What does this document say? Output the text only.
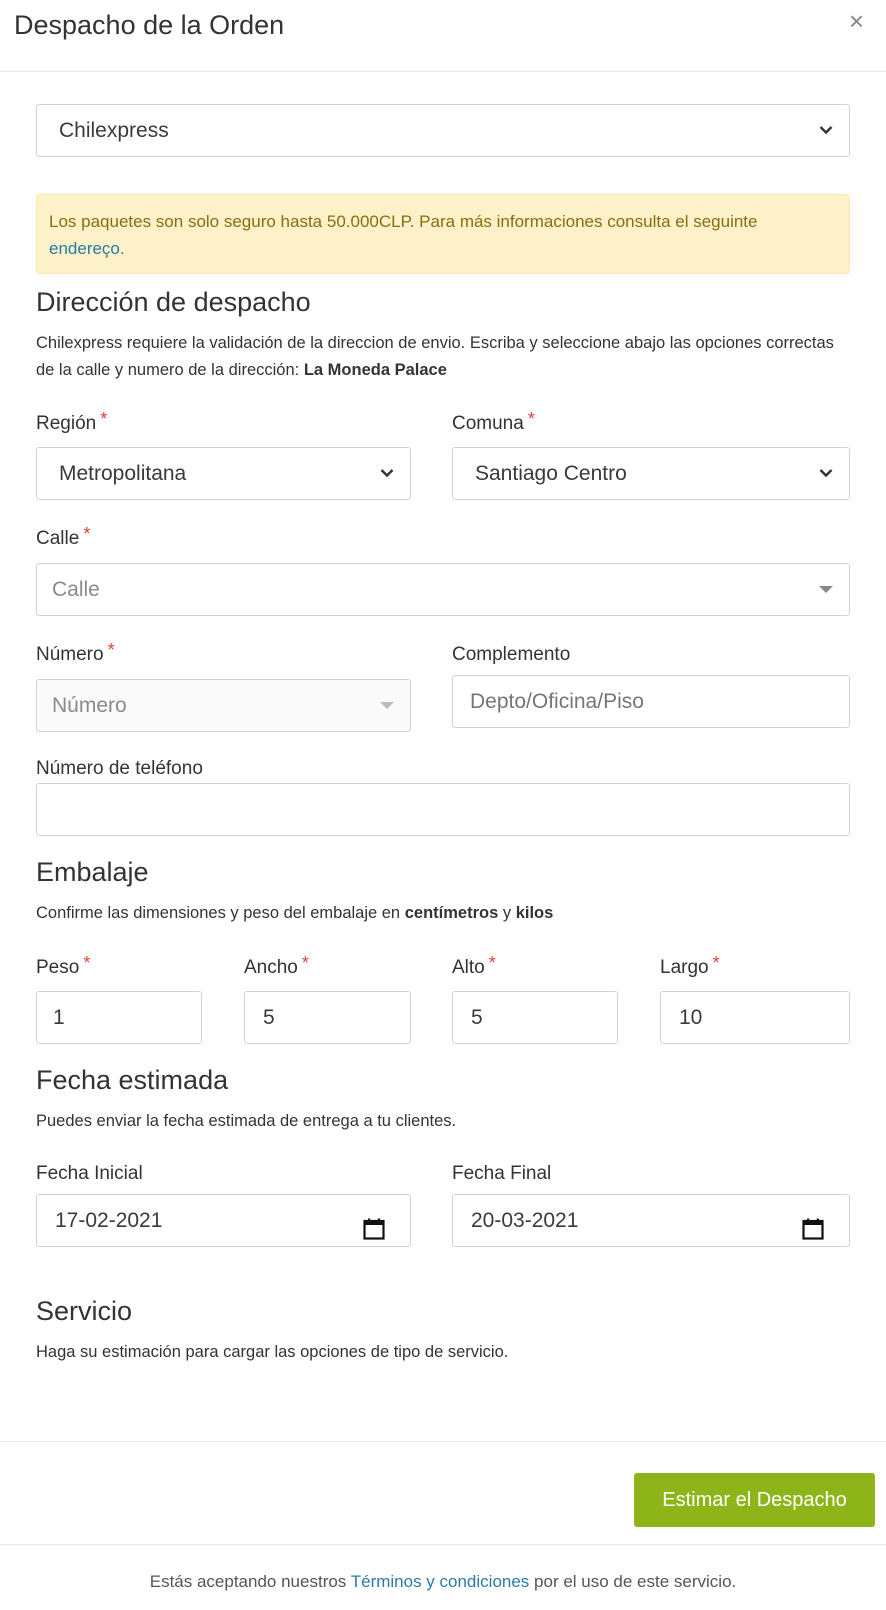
Despacho de la Orden	×
Chilexpress
Los paquetes son solo seguro hasta 50.000CLP. Para más informaciones consulta el seguinte
endereço.
Dirección de despacho
Chilexpress requiere la validación de la direccion de envio. Escriba y seleccione abajo las opciones correctas de la calle y numero de la dirección: La Moneda Palace
Región *
Metropolitana
Comuna *
Santiago Centro
Calle *
Calle
Número *
Número
Complemento
Depto/Oficina/Piso
Número de teléfono
Embalaje
Confirme las dimensiones y peso del embalaje en centímetros y kilos
Peso *
1
Ancho *
5
Alto *
5
Largo *
10
Fecha estimada
Puedes enviar la fecha estimada de entrega a tu clientes.
Fecha Inicial
17-02-2021
Fecha Final
20-03-2021
Servicio
Haga su estimación para cargar las opciones de tipo de servicio.
Estimar el Despacho
Estás aceptando nuestros Términos y condiciones por el uso de este servicio.
